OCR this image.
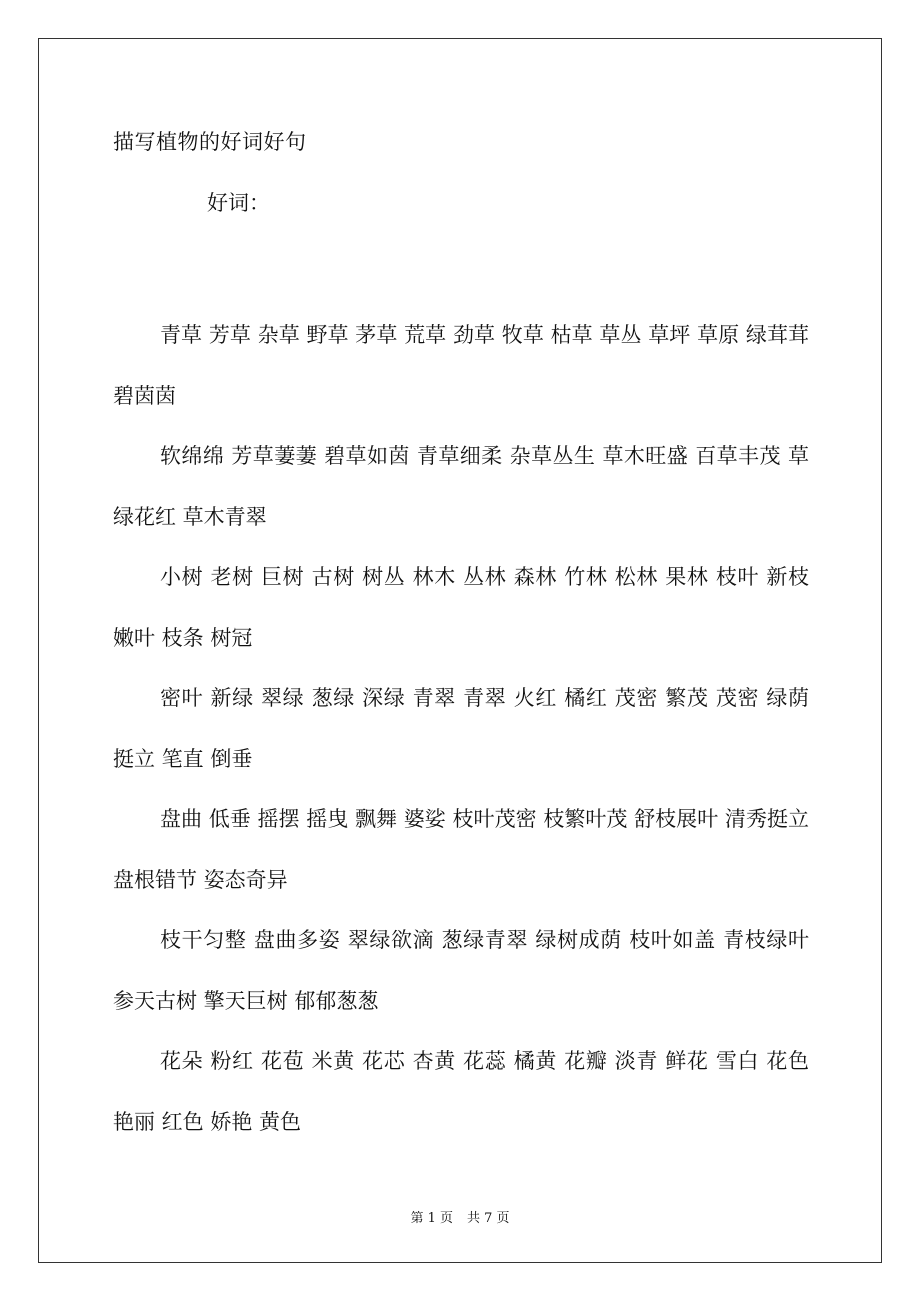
描写植物的好词好句
好词：

青草 芳草 杂草 野草 茅草 荒草 劲草 牧草 枯草 草丛 草坪 草原 绿茸茸 碧茵茵

软绵绵 芳草萋萋 碧草如茵 青草细柔 杂草丛生 草木旺盛 百草丰茂 草绿花红 草木青翠

小树 老树 巨树 古树 树丛 林木 丛林 森林 竹林 松林 果林 枝叶 新枝 嫩叶 枝条 树冠

密叶 新绿 翠绿 葱绿 深绿 青翠 青翠 火红 橘红 茂密 繁茂 茂密 绿荫 挺立 笔直 倒垂

盘曲 低垂 摇摆 摇曳 飘舞 婆娑 枝叶茂密 枝繁叶茂 舒枝展叶 清秀挺立 盘根错节 姿态奇异

枝干匀整 盘曲多姿 翠绿欲滴 葱绿青翠 绿树成荫 枝叶如盖 青枝绿叶 参天古树 擎天巨树 郁郁葱葱

花朵 粉红 花苞 米黄 花芯 杏黄 花蕊 橘黄 花瓣 淡青 鲜花 雪白 花色 艳丽 红色 娇艳 黄色

第 1 页 共 7 页
